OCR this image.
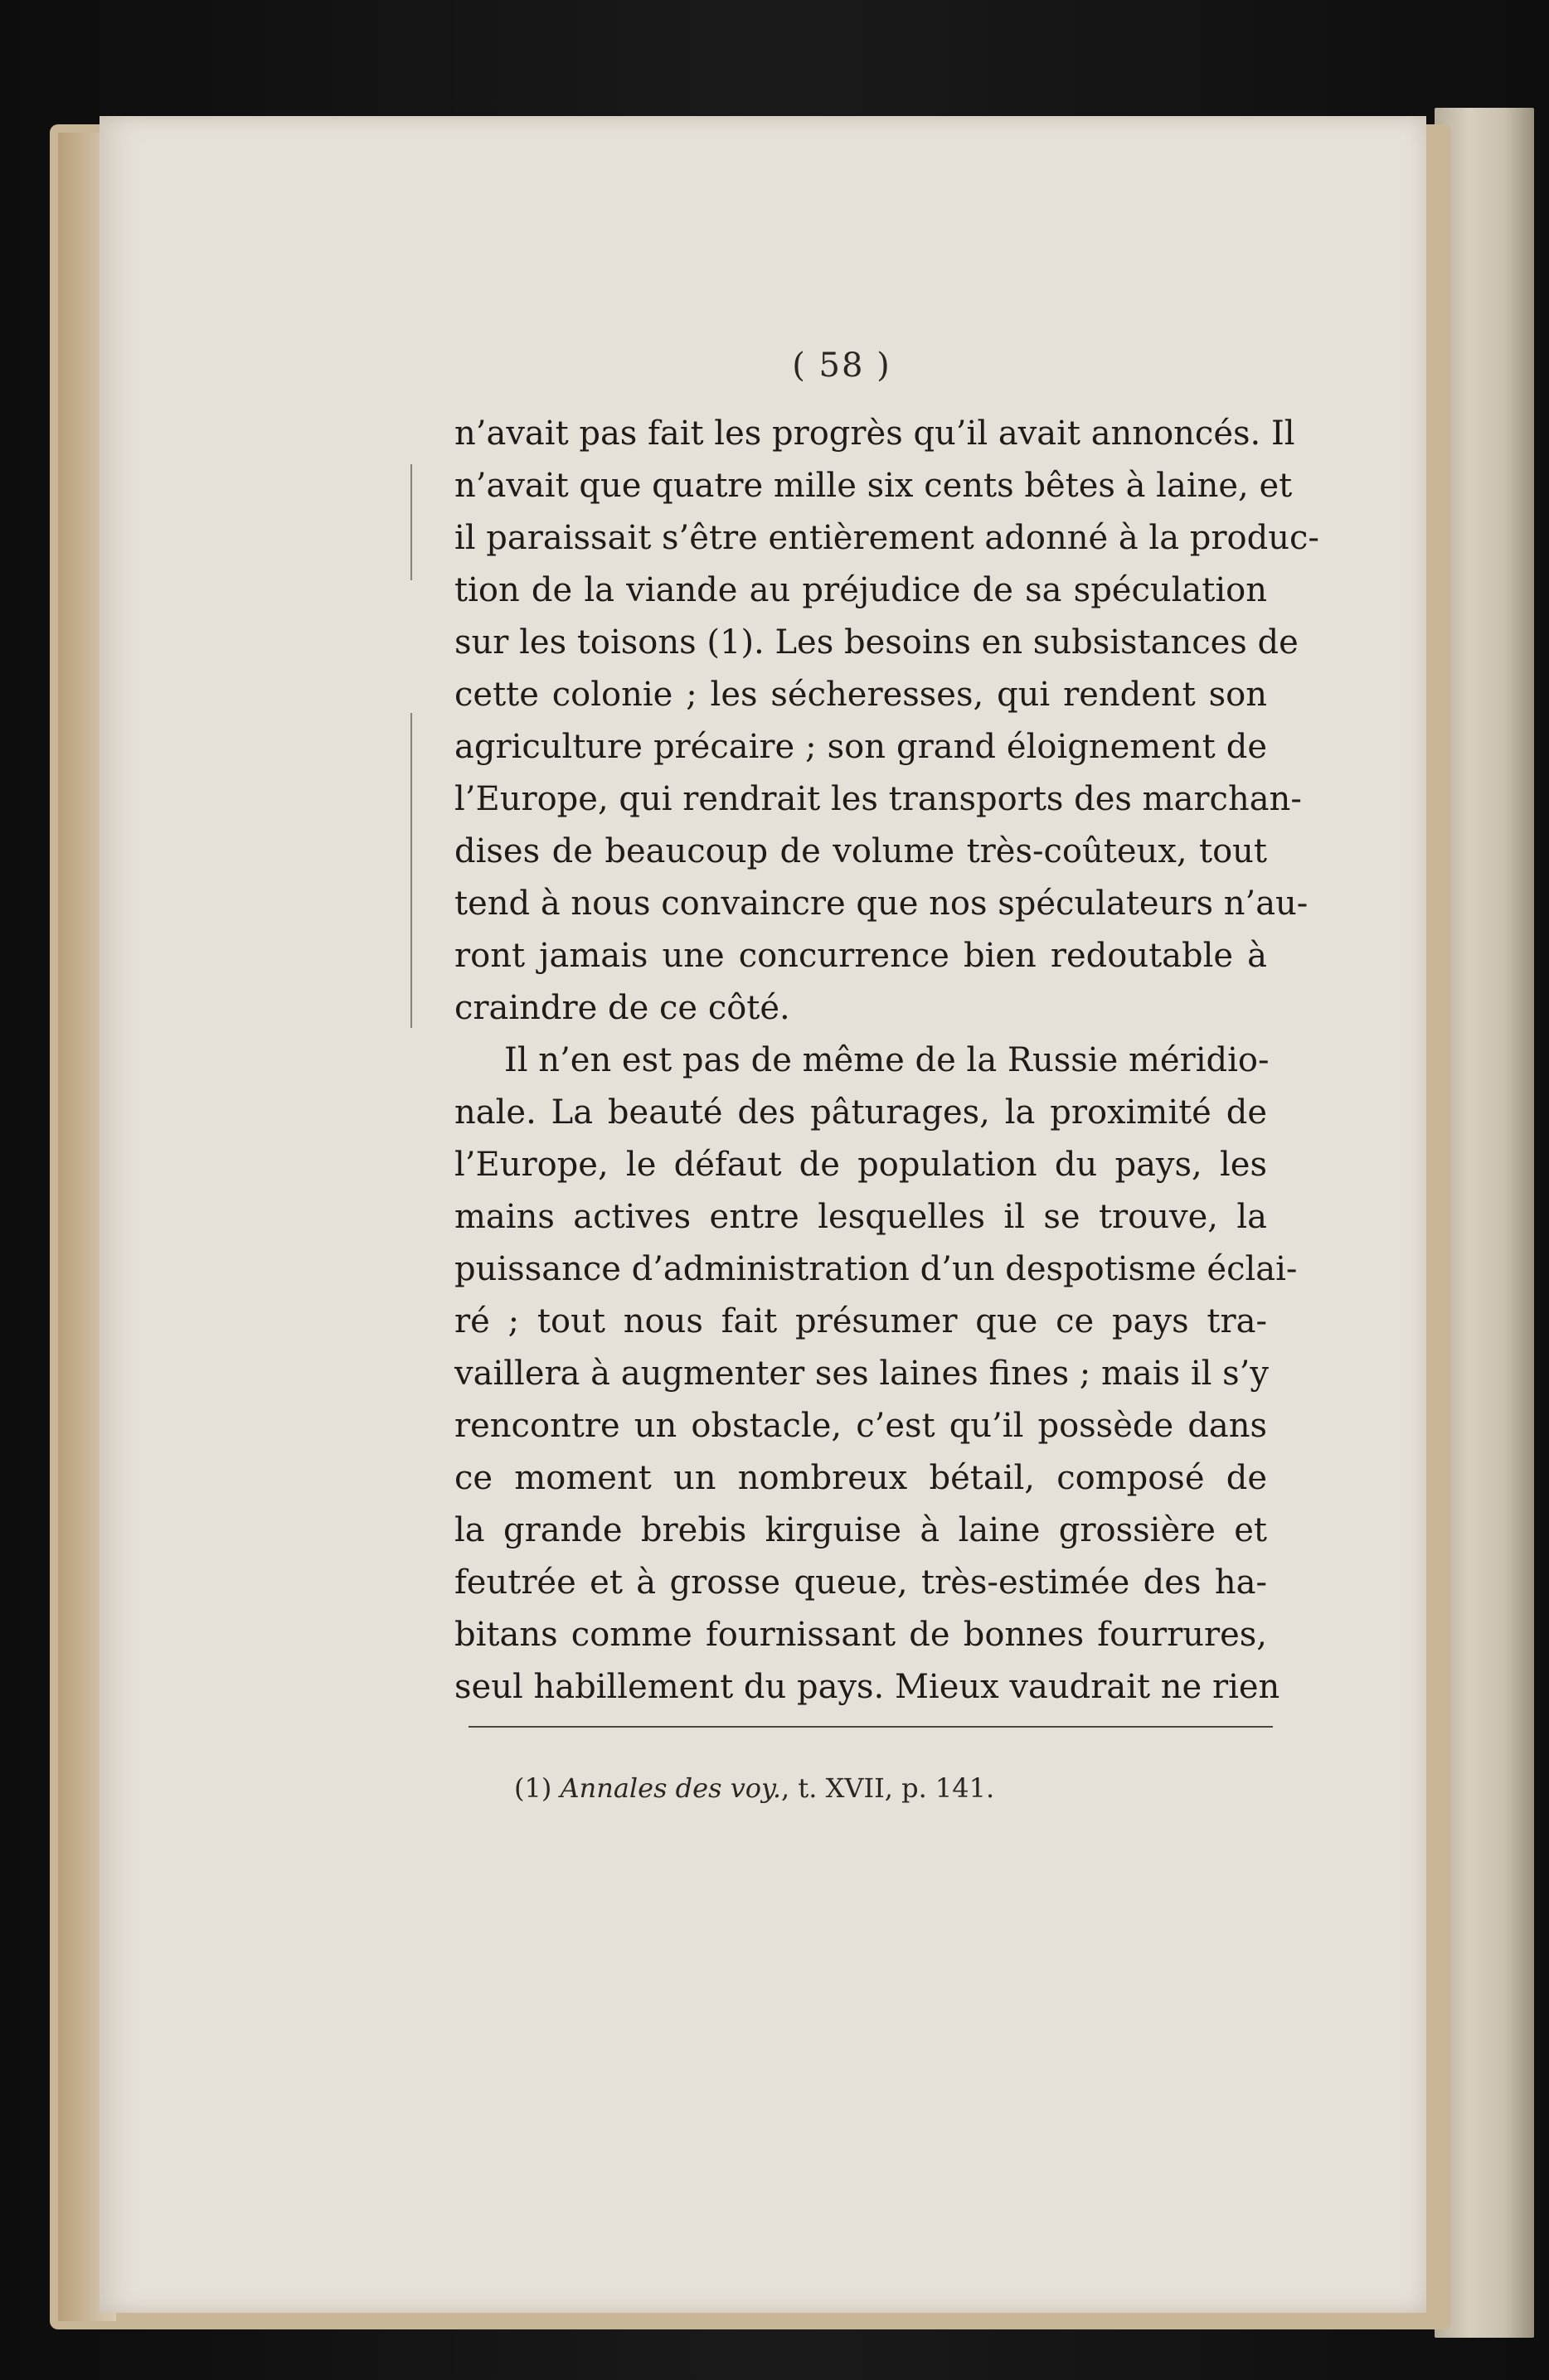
( 58 )
n’avait pas fait les progrès qu’il avait annoncés. Il
n’avait que quatre mille six cents bêtes à laine, et
il paraissait s’être entièrement adonné à la produc-
tion de la viande au préjudice de sa spéculation
sur les toisons (1). Les besoins en subsistances de
cette colonie ; les sécheresses, qui rendent son
agriculture précaire ; son grand éloignement de
l’Europe, qui rendrait les transports des marchan-
dises de beaucoup de volume très-coûteux, tout
tend à nous convaincre que nos spéculateurs n’au-
ront jamais une concurrence bien redoutable à
craindre de ce côté.
Il n’en est pas de même de la Russie méridio-
nale. La beauté des pâturages, la proximité de
l’Europe, le défaut de population du pays, les
mains actives entre lesquelles il se trouve, la
puissance d’administration d’un despotisme éclai-
ré ; tout nous fait présumer que ce pays tra-
vaillera à augmenter ses laines fines ; mais il s’y
rencontre un obstacle, c’est qu’il possède dans
ce moment un nombreux bétail, composé de
la grande brebis kirguise à laine grossière et
feutrée et à grosse queue, très-estimée des ha-
bitans comme fournissant de bonnes fourrures,
seul habillement du pays. Mieux vaudrait ne rien
(1) Annales des voy., t. XVII, p. 141.
